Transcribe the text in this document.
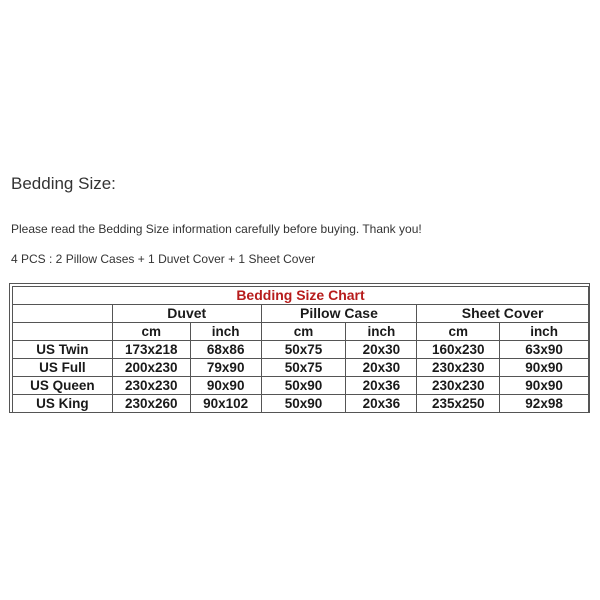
Bedding Size:
Please read the Bedding Size information carefully before buying. Thank you!
4 PCS : 2 Pillow Cases + 1 Duvet Cover + 1 Sheet Cover
Bedding Size Chart						
	Duvet		Pillow Case		Sheet Cover	
	cm	inch	cm	inch	cm	inch
US Twin	173x218	68x86	50x75	20x30	160x230	63x90
US Full	200x230	79x90	50x75	20x30	230x230	90x90
US Queen	230x230	90x90	50x90	20x36	230x230	90x90
US King	230x260	90x102	50x90	20x36	235x250	92x98
